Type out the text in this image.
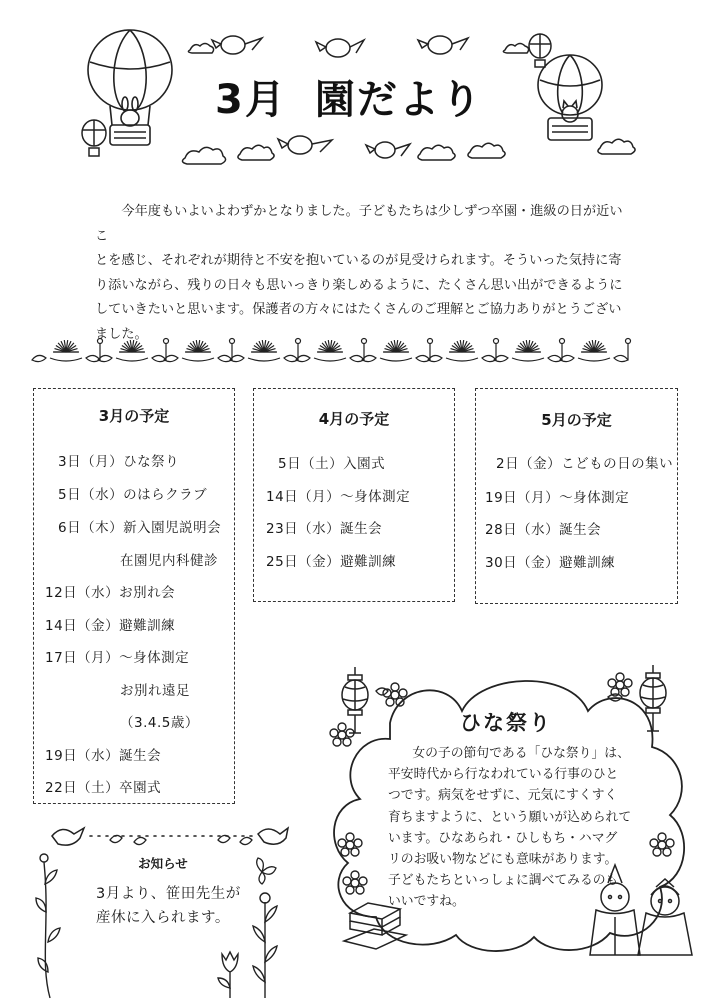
3月 園だより

今年度もいよいよわずかとなりました。子どもたちは少しずつ卒園・進級の日が近いこ

とを感じ、それぞれが期待と不安を抱いているのが見受けられます。そういった気持に寄

り添いながら、残りの日々も思いっきり楽しめるように、たくさん思い出ができるように

していきたいと思います。保護者の方々にはたくさんのご理解とご協力ありがとうござい

ました。

3月の予定
3日（月）ひな祭り
5日（水）のはらクラブ
6日（木）新入園児説明会
在園児内科健診
12日（水）お別れ会
14日（金）避難訓練
17日（月）～身体測定
お別れ遠足
（3.4.5歳）
19日（水）誕生会
22日（土）卒園式
4月の予定
5日（土）入園式
14日（月）～身体測定
23日（水）誕生会
25日（金）避難訓練
5月の予定
2日（金）こどもの日の集い
19日（月）～身体測定
28日（水）誕生会
30日（金）避難訓練
ひな祭り

女の子の節句である「ひな祭り」は、

平安時代から行なわれている行事のひと

つです。病気をせずに、元気にすくすく

育ちますように、という願いが込められて

います。ひなあられ・ひしもち・ハマグ

リのお吸い物などにも意味があります。

子どもたちといっしょに調べてみるのも

いいですね。

お知らせ

3月より、笹田先生が

産休に入られます。
